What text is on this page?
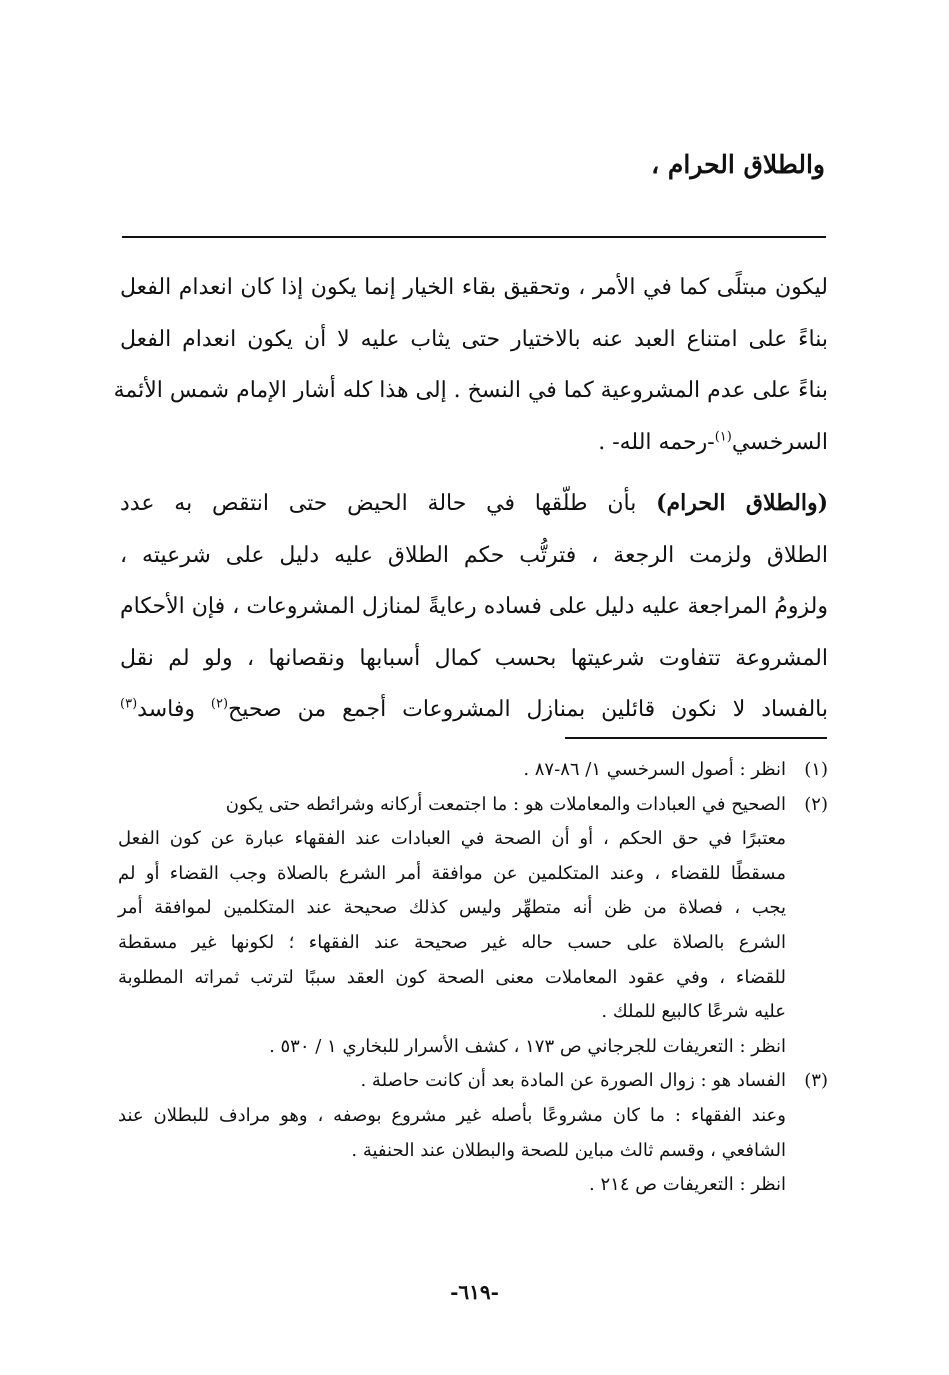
والطلاق الحرام ،
ليكون مبتلًى كما في الأمر ، وتحقيق بقاء الخيار إنما يكون إذا كان انعدام الفعل
بناءً على امتناع العبد عنه بالاختيار حتى يثاب عليه لا أن يكون انعدام الفعل
بناءً على عدم المشروعية كما في النسخ . إلى هذا كله أشار الإمام شمس الأئمة
السرخسي$^{(١)}$-رحمه الله- .
(والطلاق الحرام) بأن طلّقها في حالة الحيض حتى انتقص به عدد
الطلاق ولزمت الرجعة ، فترتُّب حكم الطلاق عليه دليل على شرعيته ،
ولزومُ المراجعة عليه دليل على فساده رعايةً لمنازل المشروعات ، فإن الأحكام
المشروعة تتفاوت شرعيتها بحسب كمال أسبابها ونقصانها ، ولو لم نقل
بالفساد لا نكون قائلين بمنازل المشروعات أجمع من صحيح$^{(٢)}$ وفاسد$^{(٣)}$
(١)انظر : أصول السرخسي ١/ ٨٦-٨٧ .
(٢)الصحيح في العبادات والمعاملات هو : ما اجتمعت أركانه وشرائطه حتى يكون
معتبرًا في حق الحكم ، أو أن الصحة في العبادات عند الفقهاء عبارة عن كون الفعل
مسقطًا للقضاء ، وعند المتكلمين عن موافقة أمر الشرع بالصلاة وجب القضاء أو لم
يجب ، فصلاة من ظن أنه متطهِّر وليس كذلك صحيحة عند المتكلمين لموافقة أمر
الشرع بالصلاة على حسب حاله غير صحيحة عند الفقهاء ؛ لكونها غير مسقطة
للقضاء ، وفي عقود المعاملات معنى الصحة كون العقد سببًا لترتب ثمراته المطلوبة
عليه شرعًا كالبيع للملك .
انظر : التعريفات للجرجاني ص ١٧٣ ، كشف الأسرار للبخاري ١ / ٥٣٠ .
(٣)الفساد هو : زوال الصورة عن المادة بعد أن كانت حاصلة .
وعند الفقهاء : ما كان مشروعًا بأصله غير مشروع بوصفه ، وهو مرادف للبطلان عند
الشافعي ، وقسم ثالث مباين للصحة والبطلان عند الحنفية .
انظر : التعريفات ص ٢١٤ .
-٦١٩-
